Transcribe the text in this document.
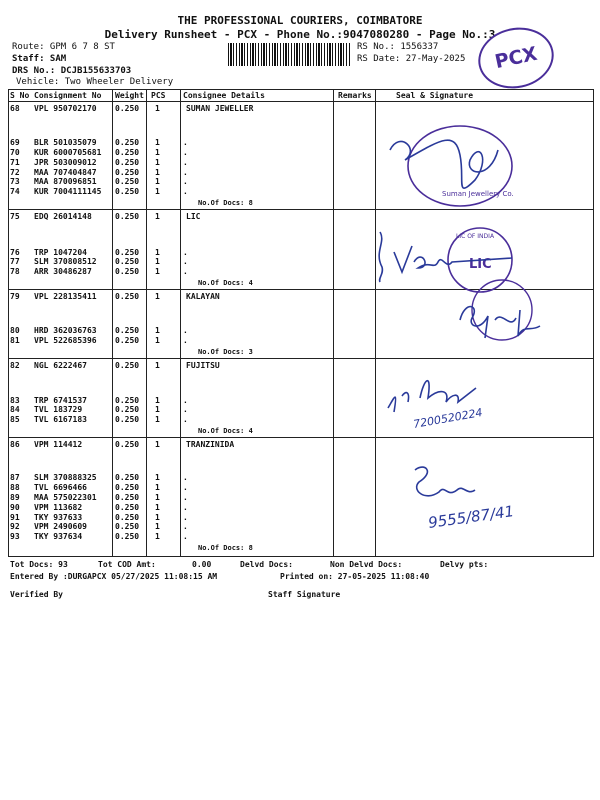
THE PROFESSIONAL COURIERS, COIMBATORE
Delivery Runsheet - PCX - Phone No.:9047080280 - Page No.:3
Route: GPM 6 7 8 ST
Staff: SAM
DRS No.: DCJB155633703
Vehicle: Two Wheeler Delivery
RS No.: 1556337
RS Date: 27-May-2025	PCX
S No Consignment No Weight PCS Consignee Details	Remarks	Seal & Signature
68 VPL 950702170 0.250 1	SUMAN JEWELLER
69 BLR 501035079 0.250 1	.
70 KUR 6000705681 0.250 1	.
71 JPR 503009012 0.250 1	.
72 MAA 707404847 0.250 1	.
73 MAA 870096851 0.250 1	.
74 KUR 7004111145 0.250 1	.
No.Of Docs: 8
75 EDQ 26014148	0.250 1	LIC
76 TRP 1047204	0.250 1	.
77 SLM 370808512 0.250 1	.
78 ARR 30486287	0.250 1	.
No.Of Docs: 4
79 VPL 228135411 0.250 1	KALAYAN
80 HRD 362036763 0.250 1	.
81 VPL 522685396 0.250 1	.
No.Of Docs: 3
82 NGL 6222467	0.250 1	FUJITSU
83 TRP 6741537	0.250 1	.
84 TVL 183729	0.250 1	.
85 TVL 6167183	0.250 1	.
No.Of Docs: 4
86 VPM 114412	0.250 1	TRANZINIDA
87 SLM 370888325 0.250 1	.
88 TVL 6696466	0.250 1	.
89 MAA 575022301 0.250 1	.
90 VPM 113682	0.250 1	.
91 TKY 937633	0.250 1	.
92 VPM 2490609	0.250 1	.
93 TKY 937634	0.250 1	.
No.Of Docs: 8
Suman Jewellery Co.
LIC OF INDIA
LIC
7200520224
9555/87/41
Tot Docs: 93	Tot COD Amt:	0.00	Delvd Docs:	Non Delvd Docs:	Delvy pts:
Entered By :DURGAPCX 05/27/2025 11:08:15 AM	Printed on: 27-05-2025 11:08:40
Verified By	Staff Signature
